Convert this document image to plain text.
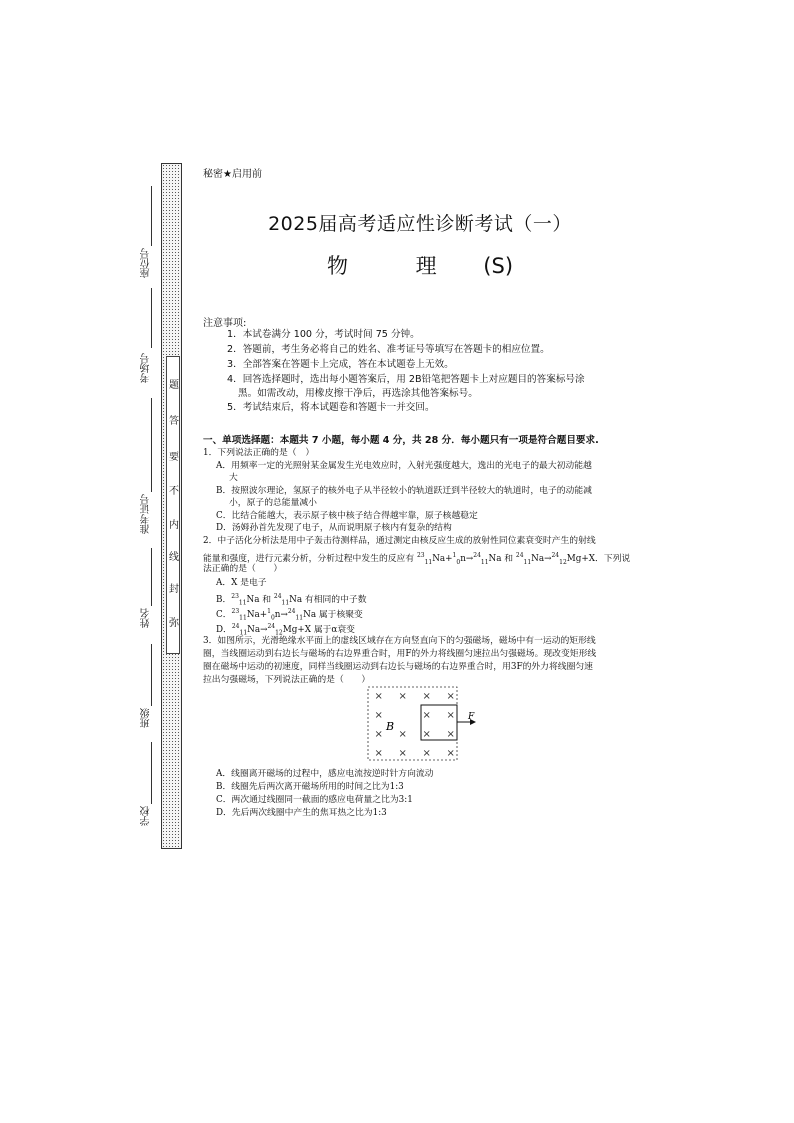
题
答
要
不
内
线
封
弥
座位号
考场号
准考证号
姓名
班级
学校
秘密★启用前
2025届高考适应性诊断考试（一）
物　 理 (S)
注意事项:
1．本试卷满分 100 分，考试时间 75 分钟。
2．答题前，考生务必将自己的姓名、准考证号等填写在答题卡的相应位置。
3．全部答案在答题卡上完成，答在本试题卷上无效。
4．回答选择题时，选出每小题答案后，用 2B铅笔把答题卡上对应题目的答案标号涂
黑。如需改动，用橡皮擦干净后，再选涂其他答案标号。
5．考试结束后，将本试题卷和答题卡一并交回。
一、单项选择题：本题共 7 小题，每小题 4 分，共 28 分．每小题只有一项是符合题目要求.
1．下列说法正确的是（　）
A．用频率一定的光照射某金属发生光电效应时，入射光强度越大，逸出的光电子的最大初动能越
大
B．按照波尔理论，氢原子的核外电子从半径较小的轨道跃迁到半径较大的轨道时，电子的动能减
小，原子的总能量减小
C．比结合能越大，表示原子核中核子结合得越牢靠，原子核越稳定
D．汤姆孙首先发现了电子，从而说明原子核内有复杂的结构
2．中子活化分析法是用中子轰击待测样品，通过测定由核反应生成的放射性同位素衰变时产生的射线
能量和强度，进行元素分析，分析过程中发生的反应有 $^{23}_{11}$Na+$^1_0$n→$^{24}_{11}$Na 和 $^{24}_{11}$Na→$^{24}_{12}$Mg+X．下列说
法正确的是（　　）
A．X 是电子
B．$^{23}_{11}$Na 和 $^{24}_{11}$Na 有相同的中子数
C．$^{23}_{11}$Na+$^1_0$n→$^{24}_{11}$Na 属于核聚变
D．$^{24}_{11}$Na→$^{24}_{12}$Mg+X 属于α衰变
3．如图所示，光滑绝缘水平面上的虚线区域存在方向竖直向下的匀强磁场，磁场中有一运动的矩形线
圈，当线圈运动到右边长与磁场的右边界重合时，用F的外力将线圈匀速拉出匀强磁场。现改变矩形线
圈在磁场中运动的初速度，同样当线圈运动到右边长与磁场的右边界重合时，用3F的外力将线圈匀速
拉出匀强磁场，下列说法正确的是（　　）
× × × ×
×	× ×
× × × ×
× × × ×
B
F
A．线圈离开磁场的过程中，感应电流按逆时针方向流动
B．线圈先后两次离开磁场所用的时间之比为1:3
C．两次通过线圈同一截面的感应电荷量之比为3:1
D．先后两次线圈中产生的焦耳热之比为1:3
